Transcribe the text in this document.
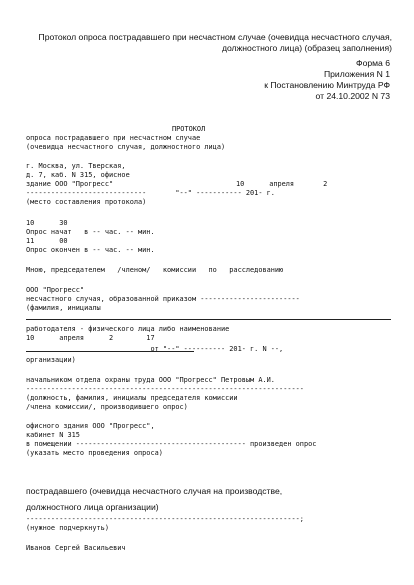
Протокол опроса пострадавшего при несчастном случае (очевидца несчастного случая,
должностного лица) (образец заполнения)
Форма 6
Приложения N 1
к Постановлению Минтруда РФ
от 24.10.2002 N 73
ПРОТОКОЛ
опроса пострадавшего при несчастном случае
(очевидца несчастного случая, должностного лица)
г. Москва, ул. Тверская,
д. 7, каб. N 315, офисное
здание ООО "Прогресс"	10      апреля       2
-----------------------------       "--" ----------- 201- г.
(место составления протокола)
10      30
Опрос начат   в -- час. -- мин.
11      00
Опрос окончен в -- час. -- мин.
Мною, председателем   /членом/   комиссии   по   расследованию
ООО "Прогресс"
несчастного случая, образованной приказом ------------------------
(фамилия, инициалы
работодателя - физического лица либо наименование
10      апреля      2        17
от "--" ---------- 201- г. N --,
организации)
начальником отдела охраны труда ООО "Прогресс" Петровым А.И.
-------------------------------------------------------------------
(должность, фамилия, инициалы председателя комиссии
/члена комиссии/, производившего опрос)
офисного здания ООО "Прогресс",
кабинет N 315
в помещении ----------------------------------------- произведен опрос
(указать место проведения опроса)
пострадавшего (очевидца несчастного случая на производстве,
должностного лица организации)
------------------------------------------------------------------;
(нужное подчеркнуть)
Иванов Сергей Васильевич
